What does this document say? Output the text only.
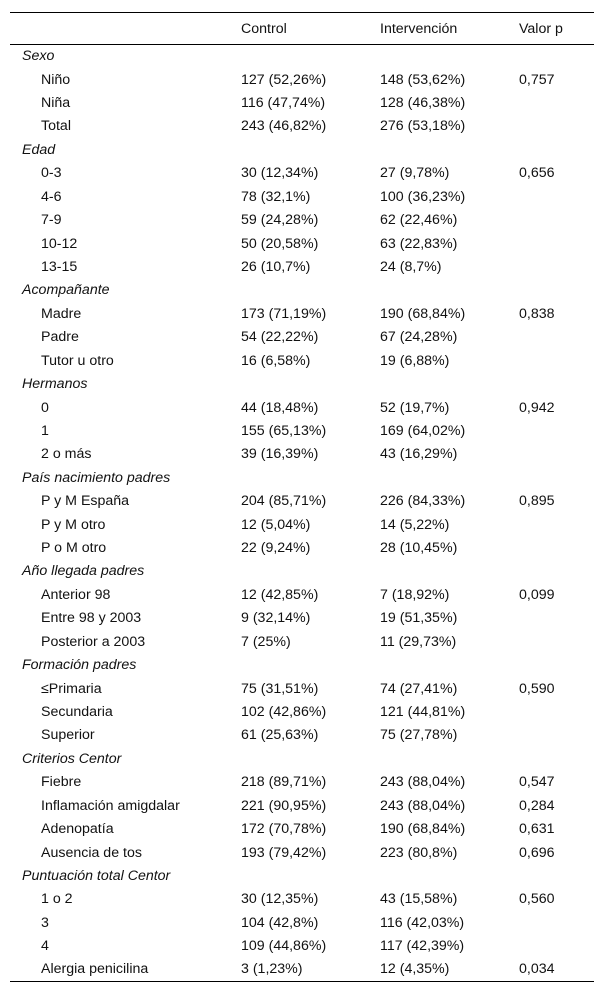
	Control	Intervención	Valor p
Sexo			
Niño	127 (52,26%)	148 (53,62%)	0,757
Niña	116 (47,74%)	128 (46,38%)	
Total	243 (46,82%)	276 (53,18%)	
Edad			
0-3	30 (12,34%)	27 (9,78%)	0,656
4-6	78 (32,1%)	100 (36,23%)	
7-9	59 (24,28%)	62 (22,46%)	
10-12	50 (20,58%)	63 (22,83%)	
13-15	26 (10,7%)	24 (8,7%)	
Acompañante			
Madre	173 (71,19%)	190 (68,84%)	0,838
Padre	54 (22,22%)	67 (24,28%)	
Tutor u otro	16 (6,58%)	19 (6,88%)	
Hermanos			
0	44 (18,48%)	52 (19,7%)	0,942
1	155 (65,13%)	169 (64,02%)	
2 o más	39 (16,39%)	43 (16,29%)	
País nacimiento padres			
P y M España	204 (85,71%)	226 (84,33%)	0,895
P y M otro	12 (5,04%)	14 (5,22%)	
P o M otro	22 (9,24%)	28 (10,45%)	
Año llegada padres			
Anterior 98	12 (42,85%)	7 (18,92%)	0,099
Entre 98 y 2003	9 (32,14%)	19 (51,35%)	
Posterior a 2003	7 (25%)	11 (29,73%)	
Formación padres			
≤Primaria	75 (31,51%)	74 (27,41%)	0,590
Secundaria	102 (42,86%)	121 (44,81%)	
Superior	61 (25,63%)	75 (27,78%)	
Criterios Centor			
Fiebre	218 (89,71%)	243 (88,04%)	0,547
Inflamación amigdalar	221 (90,95%)	243 (88,04%)	0,284
Adenopatía	172 (70,78%)	190 (68,84%)	0,631
Ausencia de tos	193 (79,42%)	223 (80,8%)	0,696
Puntuación total Centor			
1 o 2	30 (12,35%)	43 (15,58%)	0,560
3	104 (42,8%)	116 (42,03%)	
4	109 (44,86%)	117 (42,39%)	
Alergia penicilina	3 (1,23%)	12 (4,35%)	0,034
